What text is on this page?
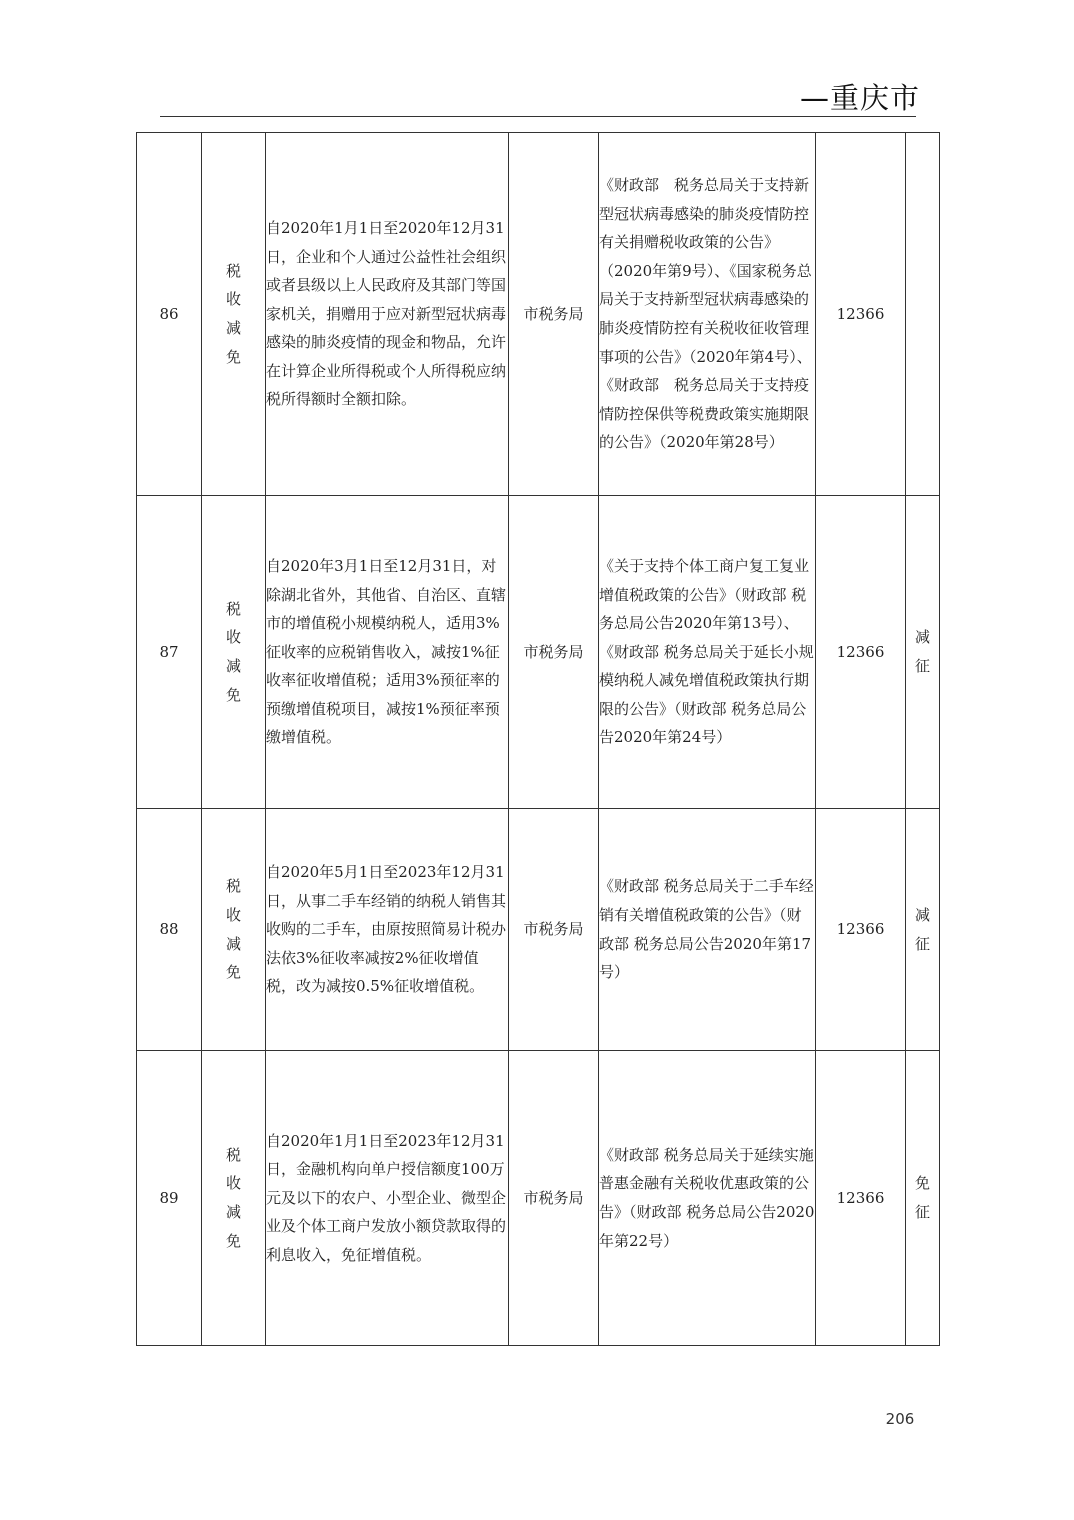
—重庆市
86	税收减免	自2020年1月1日至2020年12月31日，企业和个人通过公益性社会组织或者县级以上人民政府及其部门等国家机关，捐赠用于应对新型冠状病毒感染的肺炎疫情的现金和物品，允许在计算企业所得税或个人所得税应纳税所得额时全额扣除。	市税务局	《财政部　税务总局关于支持新型冠状病毒感染的肺炎疫情防控有关捐赠税收政策的公告》（2020年第9号）、《国家税务总局关于支持新型冠状病毒感染的肺炎疫情防控有关税收征收管理事项的公告》（2020年第4号）、《财政部　税务总局关于支持疫情防控保供等税费政策实施期限的公告》（2020年第28号）	12366	
87	税收减免	自2020年3月1日至12月31日，对除湖北省外，其他省、自治区、直辖市的增值税小规模纳税人，适用3%征收率的应税销售收入，减按1%征收率征收增值税；适用3%预征率的预缴增值税项目，减按1%预征率预缴增值税。	市税务局	《关于支持个体工商户复工复业增值税政策的公告》（财政部 税务总局公告2020年第13号）、《财政部 税务总局关于延长小规模纳税人减免增值税政策执行期限的公告》（财政部 税务总局公告2020年第24号）	12366	减征
88	税收减免	自2020年5月1日至2023年12月31日，从事二手车经销的纳税人销售其收购的二手车，由原按照简易计税办法依3%征收率减按2%征收增值税，改为减按0.5%征收增值税。	市税务局	《财政部 税务总局关于二手车经销有关增值税政策的公告》（财政部 税务总局公告2020年第17号）	12366	减征
89	税收减免	自2020年1月1日至2023年12月31日，金融机构向单户授信额度100万元及以下的农户、小型企业、微型企业及个体工商户发放小额贷款取得的利息收入，免征增值税。	市税务局	《财政部 税务总局关于延续实施普惠金融有关税收优惠政策的公告》（财政部 税务总局公告2020年第22号）	12366	免征
206
